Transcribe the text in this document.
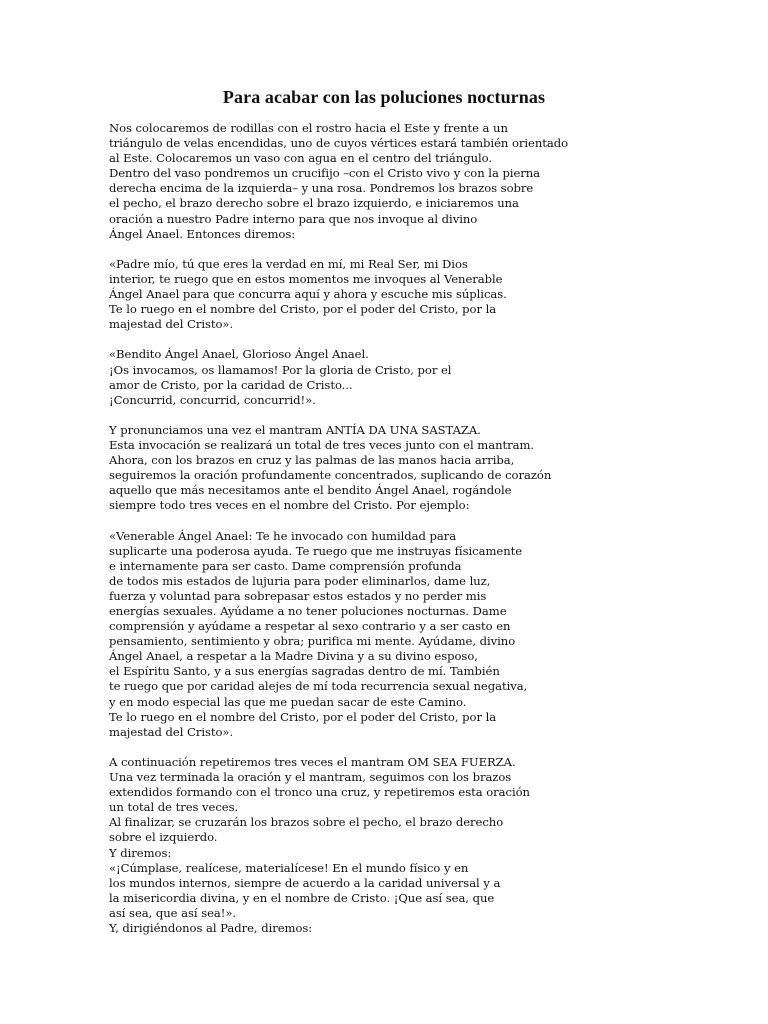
Para acabar con las poluciones nocturnas
Nos colocaremos de rodillas con el rostro hacia el Este y frente a un
triángulo de velas encendidas, uno de cuyos vértices estará también orientado
al Este. Colocaremos un vaso con agua en el centro del triángulo.
Dentro del vaso pondremos un crucifijo –con el Cristo vivo y con la pierna
derecha encima de la izquierda– y una rosa. Pondremos los brazos sobre
el pecho, el brazo derecho sobre el brazo izquierdo, e iniciaremos una
oración a nuestro Padre interno para que nos invoque al divino
Ángel Anael. Entonces diremos:
«Padre mío, tú que eres la verdad en mí, mi Real Ser, mi Dios
interior, te ruego que en estos momentos me invoques al Venerable
Ángel Anael para que concurra aquí y ahora y escuche mis súplicas.
Te lo ruego en el nombre del Cristo, por el poder del Cristo, por la
majestad del Cristo».
«Bendito Ángel Anael, Glorioso Ángel Anael.
¡Os invocamos, os llamamos! Por la gloria de Cristo, por el
amor de Cristo, por la caridad de Cristo...
¡Concurrid, concurrid, concurrid!».
Y pronunciamos una vez el mantram ANTÍA DA UNA SASTAZA.
Esta invocación se realizará un total de tres veces junto con el mantram.
Ahora, con los brazos en cruz y las palmas de las manos hacia arriba,
seguiremos la oración profundamente concentrados, suplicando de corazón
aquello que más necesitamos ante el bendito Ángel Anael, rogándole
siempre todo tres veces en el nombre del Cristo. Por ejemplo:
«Venerable Ángel Anael: Te he invocado con humildad para
suplicarte una poderosa ayuda. Te ruego que me instruyas físicamente
e internamente para ser casto. Dame comprensión profunda
de todos mis estados de lujuria para poder eliminarlos, dame luz,
fuerza y voluntad para sobrepasar estos estados y no perder mis
energías sexuales. Ayúdame a no tener poluciones nocturnas. Dame
comprensión y ayúdame a respetar al sexo contrario y a ser casto en
pensamiento, sentimiento y obra; purifica mi mente. Ayúdame, divino
Ángel Anael, a respetar a la Madre Divina y a su divino esposo,
el Espíritu Santo, y a sus energías sagradas dentro de mí. También
te ruego que por caridad alejes de mí toda recurrencia sexual negativa,
y en modo especial las que me puedan sacar de este Camino.
Te lo ruego en el nombre del Cristo, por el poder del Cristo, por la
majestad del Cristo».
A continuación repetiremos tres veces el mantram OM SEA FUERZA.
Una vez terminada la oración y el mantram, seguimos con los brazos
extendidos formando con el tronco una cruz, y repetiremos esta oración
un total de tres veces.
Al finalizar, se cruzarán los brazos sobre el pecho, el brazo derecho
sobre el izquierdo.
Y diremos:
«¡Cúmplase, realícese, materialícese! En el mundo físico y en
los mundos internos, siempre de acuerdo a la caridad universal y a
la misericordia divina, y en el nombre de Cristo. ¡Que así sea, que
así sea, que así sea!».
Y, dirigiéndonos al Padre, diremos:
